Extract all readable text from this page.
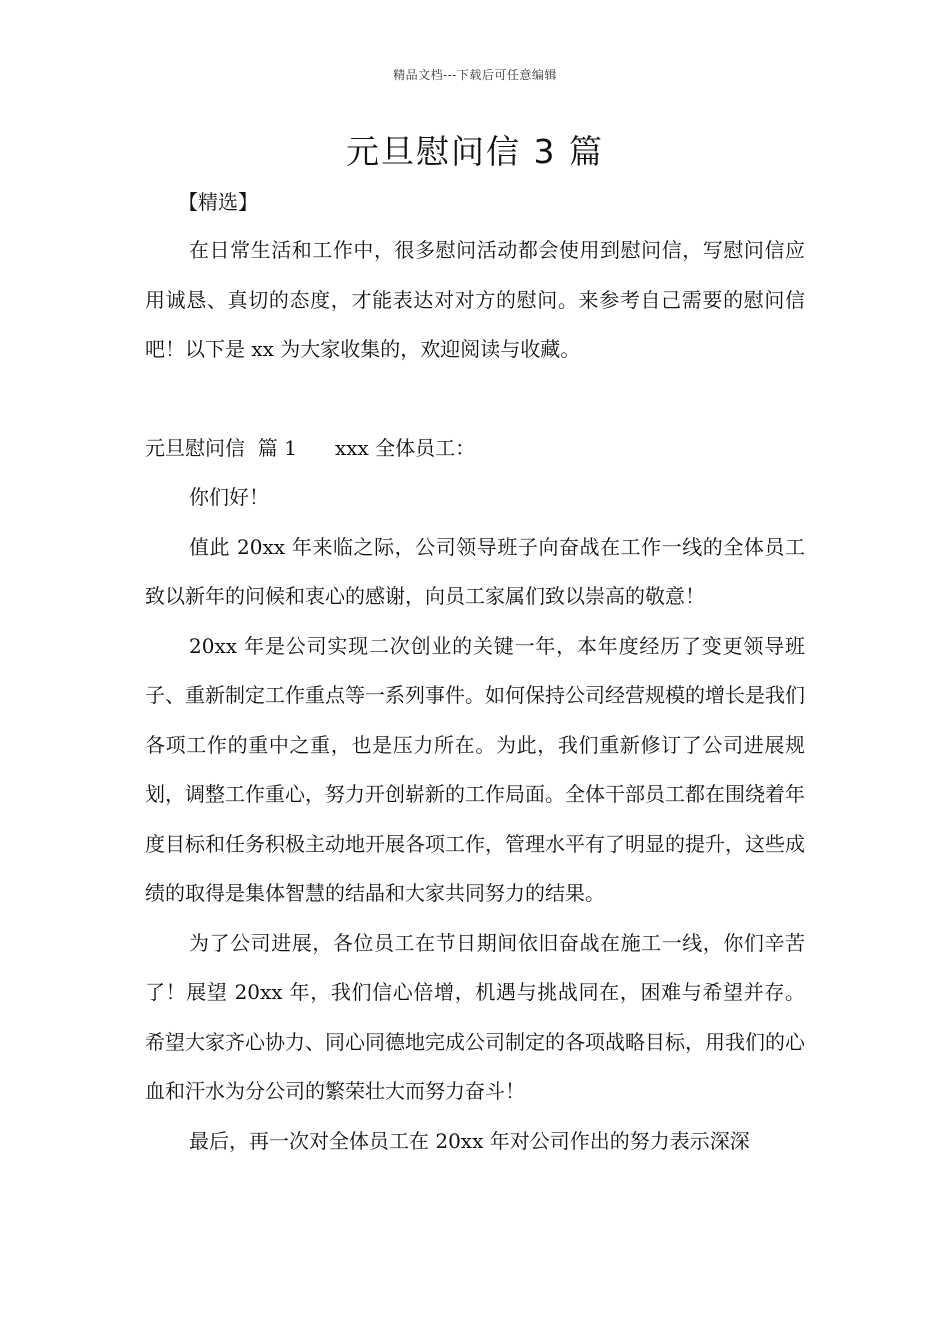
精品文档---下载后可任意编辑
元旦慰问信 3 篇
【精选】

在日常生活和工作中，很多慰问活动都会使用到慰问信，写慰问信应用诚恳、真切的态度，才能表达对对方的慰问。来参考自己需要的慰问信吧！以下是 xx 为大家收集的，欢迎阅读与收藏。

元旦慰问信  篇 1 xxx 全体员工：

你们好！

值此 20xx 年来临之际，公司领导班子向奋战在工作一线的全体员工致以新年的问候和衷心的感谢，向员工家属们致以崇高的敬意！

20xx 年是公司实现二次创业的关键一年，本年度经历了变更领导班子、重新制定工作重点等一系列事件。如何保持公司经营规模的增长是我们各项工作的重中之重，也是压力所在。为此，我们重新修订了公司进展规划，调整工作重心，努力开创崭新的工作局面。全体干部员工都在围绕着年度目标和任务积极主动地开展各项工作，管理水平有了明显的提升，这些成绩的取得是集体智慧的结晶和大家共同努力的结果。

为了公司进展，各位员工在节日期间依旧奋战在施工一线，你们辛苦了！展望 20xx 年，我们信心倍增，机遇与挑战同在，困难与希望并存。希望大家齐心协力、同心同德地完成公司制定的各项战略目标，用我们的心血和汗水为分公司的繁荣壮大而努力奋斗！

最后，再一次对全体员工在 20xx 年对公司作出的努力表示深深
